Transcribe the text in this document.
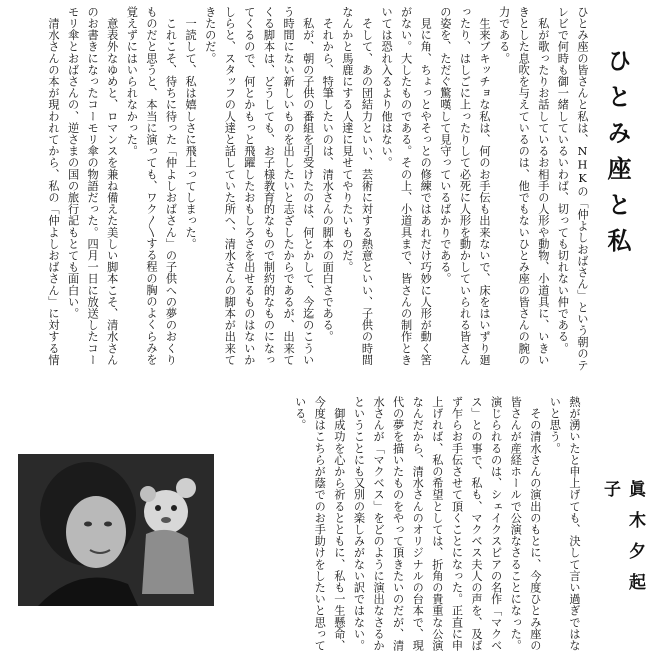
ひとみ座と私
ひとみ座の皆さんと私は、NHKの「仲よしおばさん」という朝のテレビで何時も御一緒しているいわば、切っても切れない仲である。
　私が歌ったりお話しているお相手の人形や動物、小道具に、いきいきとした息吹を与えているのは、他でもないひとみ座の皆さんの腕の力である。
　生来ブキッチョな私は、何のお手伝も出来ないで、床をはいずり廻ったり、はしごに上ったりして必死に人形を動かしていられる皆さんの姿を、ただぐ驚嘆して見守っているばかりである。
　見に角、ちょっとやそっとの修練ではあれだけ巧妙に人形が動く筈がない。大したものである。その上、小道具まで、皆さんの制作ときいては恐れ入るより他はない。
　そして、あの団結力といい、芸術に対する熱意といい、子供の時間なんかと馬鹿にする人達に見せてやりたいものだ。
　それから、特筆したいのは、清水さんの脚本の面白さである。
　私が、朝の子供の番組を引受けたのは、何とかして、今迄のこういう時間にない新しいものを出したいと志ざしたからであるが、出来てくる脚本は、どうしても、お子様教育的なもので制約的なものになってくるので、何とかもっと飛躍したおもしろさを出せるものはないかしらと、スタッフの人達と話していた所へ、清水さんの脚本が出来てきたのだ。
　一読して、私は嬉しさに飛上ってしまった。
　これこそ、待ちに待った「仲よしおばさん」の子供への夢のおくりものだと思うと、本当に演っても、ワク〳〵する程の胸のよくらみを覚えずにはいられなかった。
　意表外なゆめと、ロマンスを兼ね備えた美しい脚本こそ、清水さんのお書きになったコーモリ傘の物語だった。四月一日に放送したコーモリ傘とおばさんの、逆さまの国の旅行記もとても面白い。
　清水さんの本が現われてから、私の「仲よしおばさん」に対する情
熱が湧いたと申上げても、決して言い過ぎではないと思う。
　その清水さんの演出のもとに、今度ひとみ座の皆さんが産経ホールで公演なさることになった。演じられるのは、シェイクスピアの名作「マクベス」との事で、私も、マクベス夫人の声を、及ばず乍らお手伝させて頂くことになった。正直に申上げれば、私の希望としては、折角の貴重な公演なんだから、清水さんのオリジナルの台本で、現代の夢を描いたものをやって頂きたいのだが、清水さんが「マクベス」をどのように演出なさるかということにも又別の楽しみがない訳ではない。
　御成功を心から祈るとともに、私も一生懸命、今度はこちらが蔭でのお手助けをしたいと思っている。
眞木夕起子
